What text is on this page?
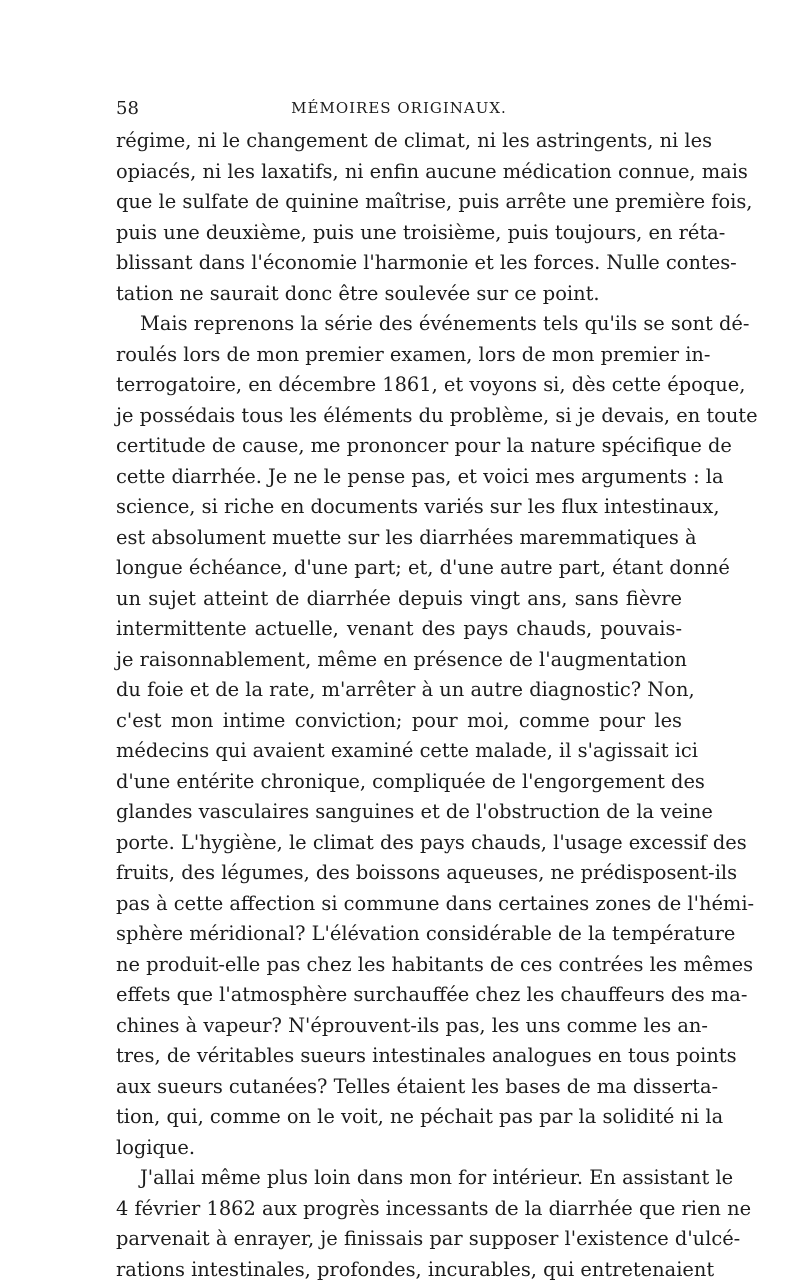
58	MÉMOIRES ORIGINAUX.
régime, ni le changement de climat, ni les astringents, ni les
opiacés, ni les laxatifs, ni enfin aucune médication connue, mais
que le sulfate de quinine maîtrise, puis arrête une première fois,
puis une deuxième, puis une troisième, puis toujours, en réta-
blissant dans l'économie l'harmonie et les forces. Nulle contes-
tation ne saurait donc être soulevée sur ce point.
Mais reprenons la série des événements tels qu'ils se sont dé-
roulés lors de mon premier examen, lors de mon premier in-
terrogatoire, en décembre 1861, et voyons si, dès cette époque,
je possédais tous les éléments du problème, si je devais, en toute
certitude de cause, me prononcer pour la nature spécifique de
cette diarrhée. Je ne le pense pas, et voici mes arguments : la
science, si riche en documents variés sur les flux intestinaux,
est absolument muette sur les diarrhées maremmatiques à
longue échéance, d'une part; et, d'une autre part, étant donné
un sujet atteint de diarrhée depuis vingt ans, sans fièvre
intermittente actuelle, venant des pays chauds, pouvais-
je raisonnablement, même en présence de l'augmentation
du foie et de la rate, m'arrêter à un autre diagnostic? Non,
c'est mon intime conviction; pour moi, comme pour les
médecins qui avaient examiné cette malade, il s'agissait ici
d'une entérite chronique, compliquée de l'engorgement des
glandes vasculaires sanguines et de l'obstruction de la veine
porte. L'hygiène, le climat des pays chauds, l'usage excessif des
fruits, des légumes, des boissons aqueuses, ne prédisposent-ils
pas à cette affection si commune dans certaines zones de l'hémi-
sphère méridional? L'élévation considérable de la température
ne produit-elle pas chez les habitants de ces contrées les mêmes
effets que l'atmosphère surchauffée chez les chauffeurs des ma-
chines à vapeur? N'éprouvent-ils pas, les uns comme les an-
tres, de véritables sueurs intestinales analogues en tous points
aux sueurs cutanées? Telles étaient les bases de ma disserta-
tion, qui, comme on le voit, ne péchait pas par la solidité ni la
logique.
J'allai même plus loin dans mon for intérieur. En assistant le
4 février 1862 aux progrès incessants de la diarrhée que rien ne
parvenait à enrayer, je finissais par supposer l'existence d'ulcé-
rations intestinales, profondes, incurables, qui entretenaient
